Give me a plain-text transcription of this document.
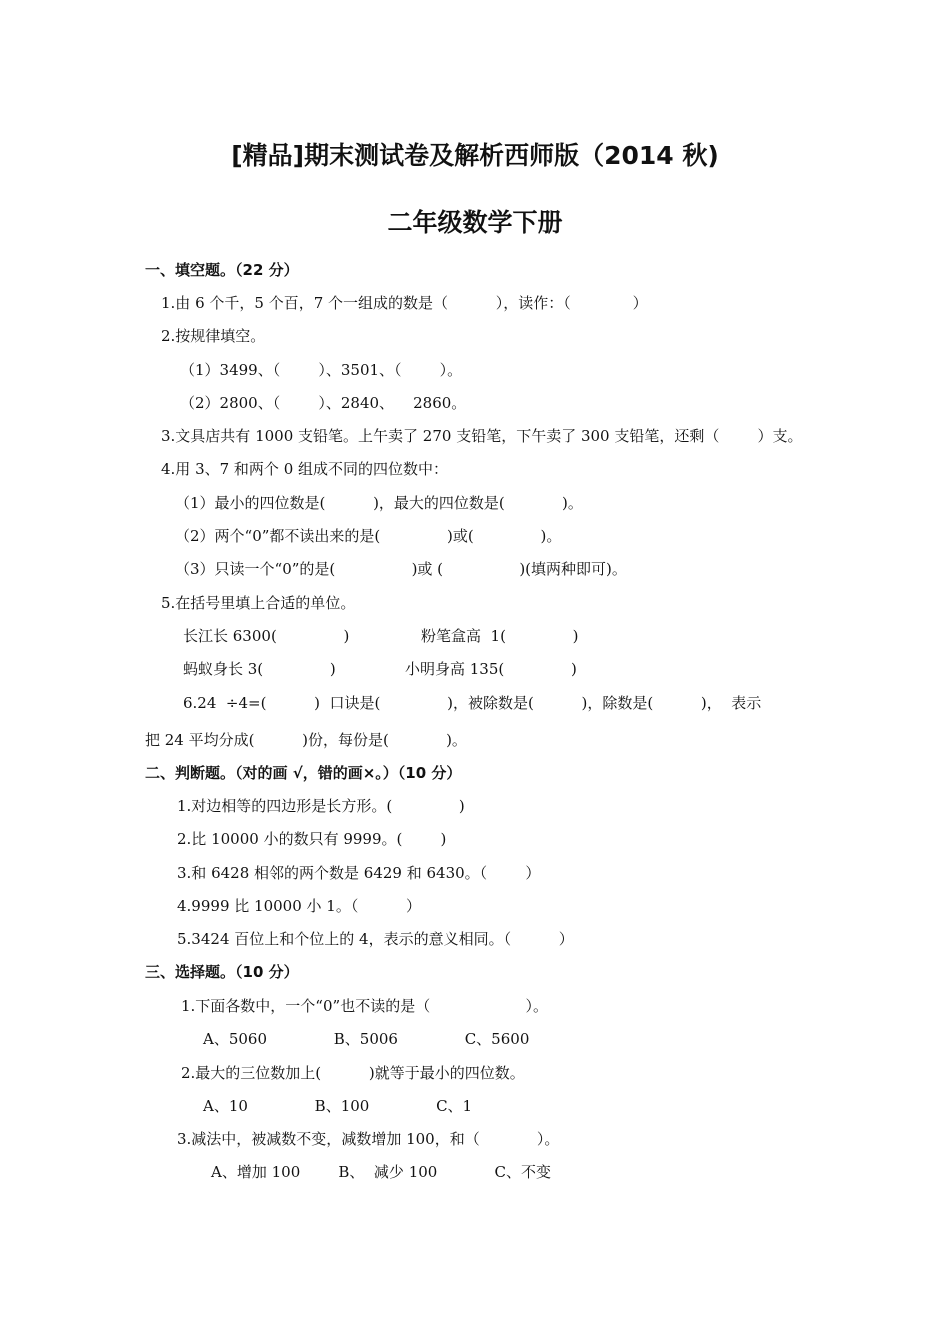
[精品]期末测试卷及解析西师版（2014 秋)
二年级数学下册
一、填空题。（22 分）
1.由 6 个千，5 个百，7 个一组成的数是（          ），读作：（             ）
2.按规律填空。
（1）3499、（        ）、3501、（        ）。
（2）2800、（        ）、2840、    2860。
3.文具店共有 1000 支铅笔。上午卖了 270 支铅笔，下午卖了 300 支铅笔，还剩（        ）支。
4.用 3、7 和两个 0 组成不同的四位数中：
（1）最小的四位数是(          )，最大的四位数是(            )。
（2）两个“0”都不读出来的是(              )或(              )。
（3）只读一个“0”的是(                )或 (                )(填两种即可)。
5.在括号里填上合适的单位。
长江长 6300(              )	粉笔盒高  1(              )
蚂蚁身长 3(              )	小明身高 135(              )
6.24  ÷4=(          )  口诀是(              )，被除数是(          )，除数是(          )，  表示
把 24 平均分成(          )份，每份是(            )。
二、判断题。（对的画 √，错的画×。）（10 分）
1.对边相等的四边形是长方形。(              )
2.比 10000 小的数只有 9999。(        )
3.和 6428 相邻的两个数是 6429 和 6430。（        ）
4.9999 比 10000 小 1。（          ）
5.3424 百位上和个位上的 4，表示的意义相同。（          ）
三、选择题。（10 分）
1.下面各数中，一个“0”也不读的是（                    ）。
A、5060              B、5006              C、5600
2.最大的三位数加上(          )就等于最小的四位数。
A、10              B、100              C、1
3.减法中，被减数不变，减数增加 100，和（            ）。
A、增加 100        B、  减少 100            C、不变
